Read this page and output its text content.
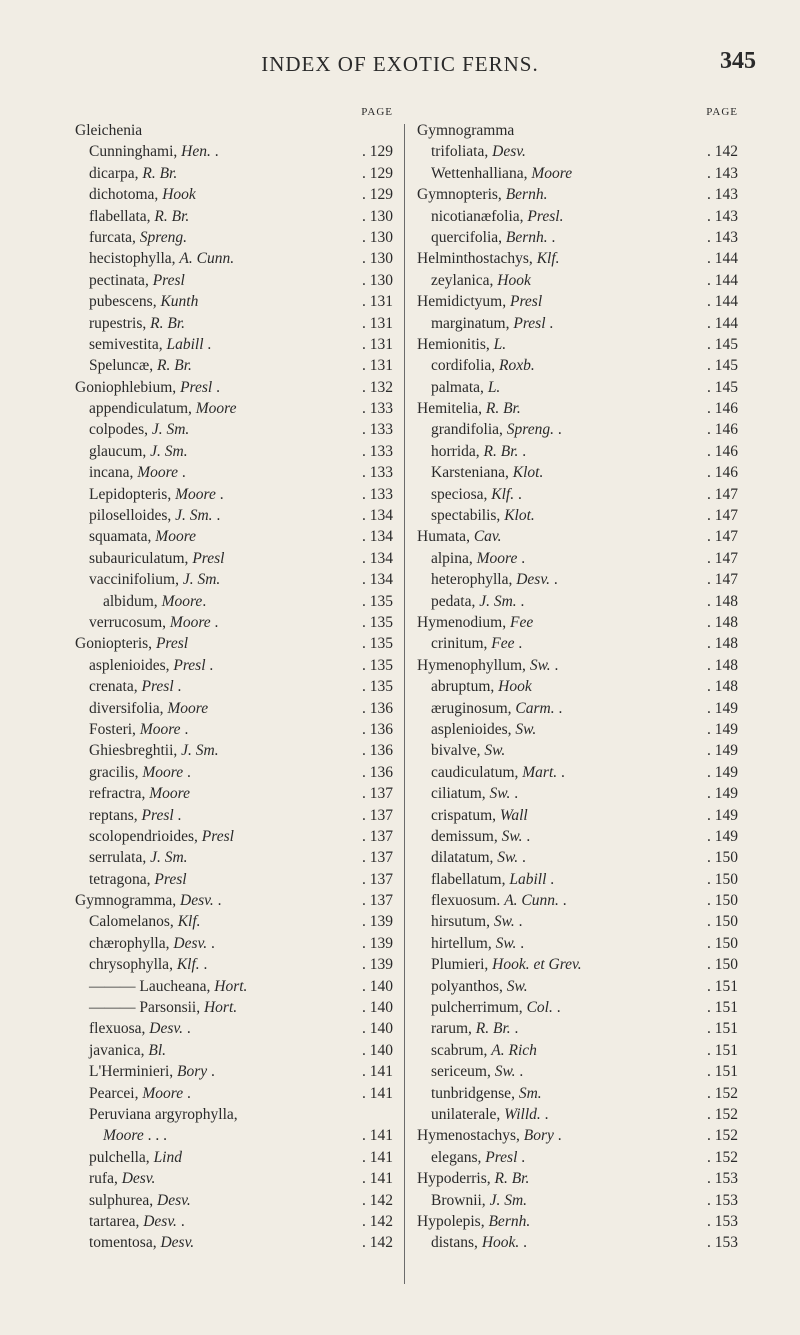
INDEX OF EXOTIC FERNS.	345
PAGE
Gleichenia
Cunninghami, Hen. .	. 129
dicarpa, R. Br.	. 129
dichotoma, Hook	. 129
flabellata, R. Br.	. 130
furcata, Spreng.	. 130
hecistophylla, A. Cunn.	. 130
pectinata, Presl	. 130
pubescens, Kunth	. 131
rupestris, R. Br.	. 131
semivestita, Labill .	. 131
Speluncæ, R. Br.	. 131
Goniophlebium, Presl .	. 132
appendiculatum, Moore	. 133
colpodes, J. Sm.	. 133
glaucum, J. Sm.	. 133
incana, Moore .	. 133
Lepidopteris, Moore .	. 133
piloselloides, J. Sm. .	. 134
squamata, Moore	. 134
subauriculatum, Presl	. 134
vaccinifolium, J. Sm.	. 134
albidum, Moore.	. 135
verrucosum, Moore .	. 135
Goniopteris, Presl	. 135
asplenioides, Presl .	. 135
crenata, Presl .	. 135
diversifolia, Moore	. 136
Fosteri, Moore .	. 136
Ghiesbreghtii, J. Sm.	. 136
gracilis, Moore .	. 136
refractra, Moore	. 137
reptans, Presl .	. 137
scolopendrioides, Presl	. 137
serrulata, J. Sm.	. 137
tetragona, Presl	. 137
Gymnogramma, Desv. .	. 137
Calomelanos, Klf.	. 139
chærophylla, Desv. .	. 139
chrysophylla, Klf. .	. 139
——— Laucheana, Hort.	. 140
——— Parsonsii, Hort.	. 140
flexuosa, Desv. .	. 140
javanica, Bl.	. 140
L'Herminieri, Bory .	. 141
Pearcei, Moore .	. 141
Peruviana argyrophylla,
Moore . . .	. 141
pulchella, Lind	. 141
rufa, Desv.	. 141
sulphurea, Desv.	. 142
tartarea, Desv. .	. 142
tomentosa, Desv.	. 142
PAGE
Gymnogramma
trifoliata, Desv.	. 142
Wettenhalliana, Moore	. 143
Gymnopteris, Bernh.	. 143
nicotianæfolia, Presl.	. 143
quercifolia, Bernh. .	. 143
Helminthostachys, Klf.	. 144
zeylanica, Hook	. 144
Hemidictyum, Presl	. 144
marginatum, Presl .	. 144
Hemionitis, L.	. 145
cordifolia, Roxb.	. 145
palmata, L.	. 145
Hemitelia, R. Br.	. 146
grandifolia, Spreng. .	. 146
horrida, R. Br. .	. 146
Karsteniana, Klot.	. 146
speciosa, Klf. .	. 147
spectabilis, Klot.	. 147
Humata, Cav.	. 147
alpina, Moore .	. 147
heterophylla, Desv. .	. 147
pedata, J. Sm. .	. 148
Hymenodium, Fee	. 148
crinitum, Fee .	. 148
Hymenophyllum, Sw. .	. 148
abruptum, Hook	. 148
æruginosum, Carm. .	. 149
asplenioides, Sw.	. 149
bivalve, Sw.	. 149
caudiculatum, Mart. .	. 149
ciliatum, Sw. .	. 149
crispatum, Wall	. 149
demissum, Sw. .	. 149
dilatatum, Sw. .	. 150
flabellatum, Labill .	. 150
flexuosum. A. Cunn. .	. 150
hirsutum, Sw. .	. 150
hirtellum, Sw. .	. 150
Plumieri, Hook. et Grev.	. 150
polyanthos, Sw.	. 151
pulcherrimum, Col. .	. 151
rarum, R. Br. .	. 151
scabrum, A. Rich	. 151
sericeum, Sw. .	. 151
tunbridgense, Sm.	. 152
unilaterale, Willd. .	. 152
Hymenostachys, Bory .	. 152
elegans, Presl .	. 152
Hypoderris, R. Br.	. 153
Brownii, J. Sm.	. 153
Hypolepis, Bernh.	. 153
distans, Hook. .	. 153
